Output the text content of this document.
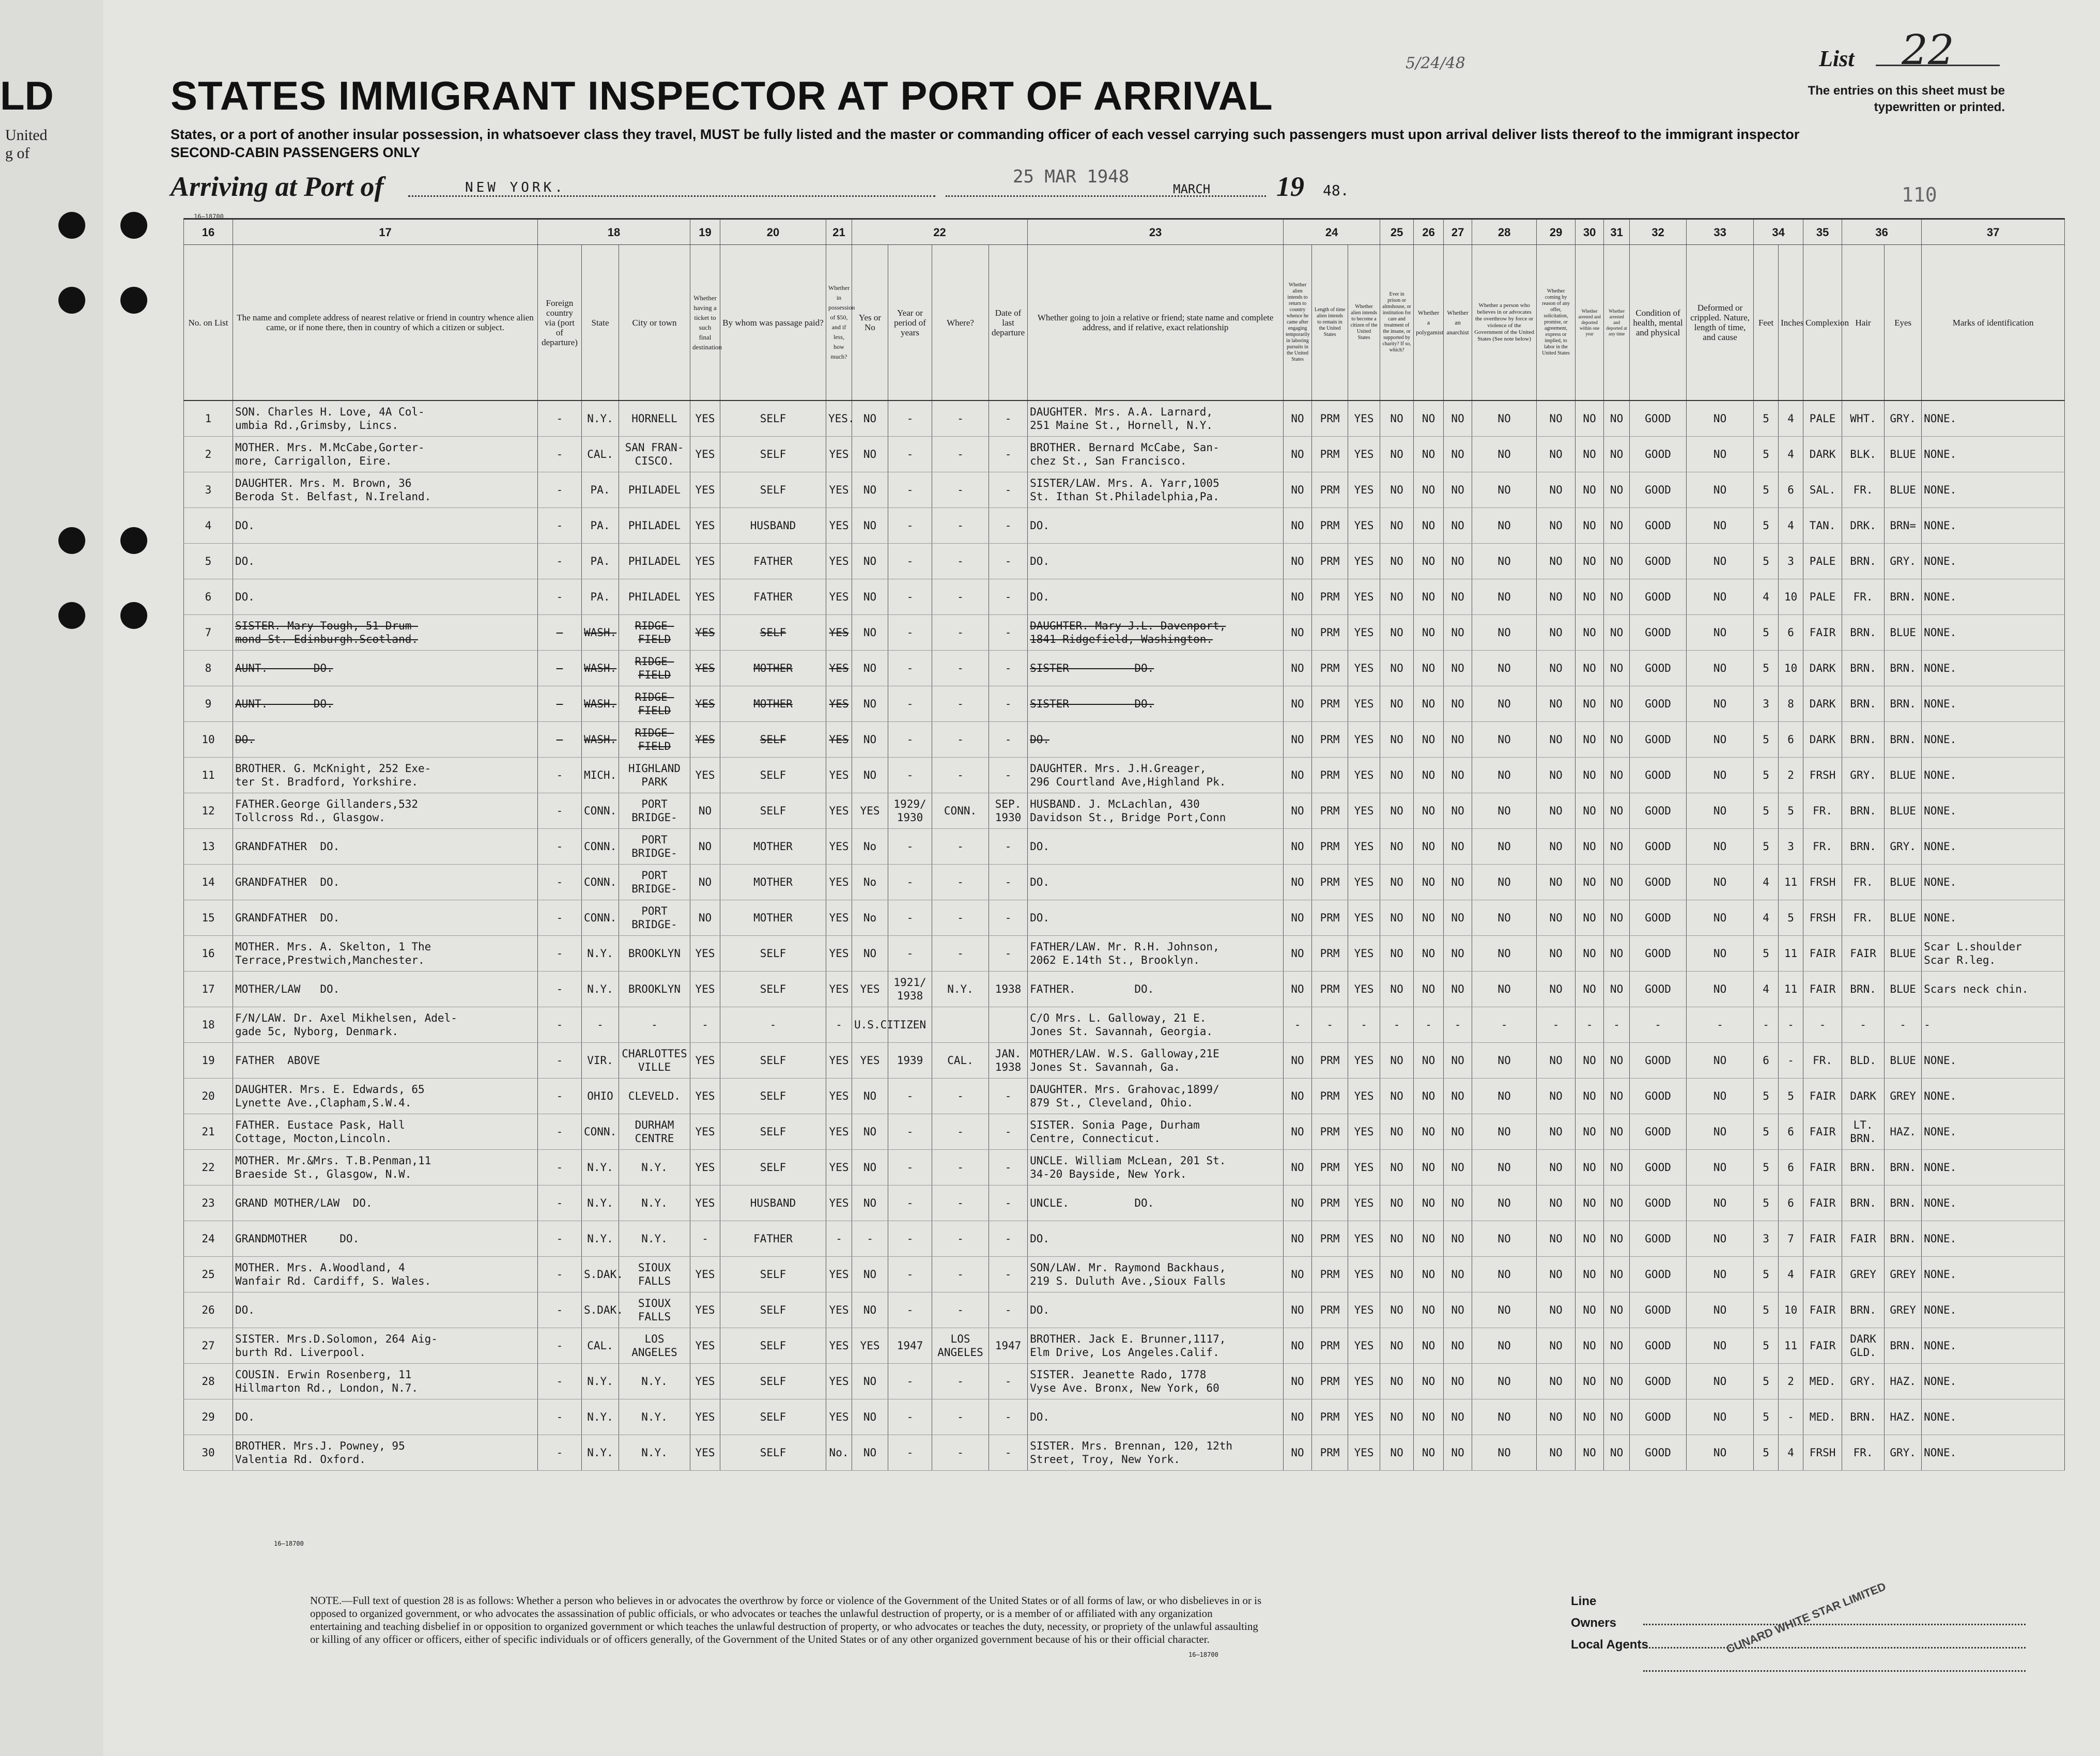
LD
United
g of
STATES IMMIGRANT INSPECTOR AT PORT OF ARRIVAL
States, or a port of another insular possession, in whatsoever class they travel, MUST be fully listed and the master or commanding officer of each vessel carrying such passengers must upon arrival deliver lists thereof to the immigrant inspector
SECOND-CABIN PASSENGERS ONLY
Arriving at Port of	NEW YORK.
25 MAR 1948
MARCH 19 48.
List 22
The entries on this sheet must be typewritten or printed.
5/24/48
110
16—18700
16	17	18			19	20	21	22				23	24			25	26	27	28	29	30	31	32	33	34		35	36		37
No. on List	The name and complete address of nearest relative or friend in country whence alien came, or if none there, then in country of which a citizen or subject.	Foreign country via (port of departure)	State	City or town	Whether having a ticket to such final destination	By whom was passage paid?	Whether in possession of $50, and if less, how much?	Yes or No	Year or period of years	Where?	Date of last departure	Whether going to join a relative or friend; state name and complete address, and if relative, exact relationship	Whether alien intends to return to country whence he came after engaging temporarily in laboring pursuits in the United States	Length of time alien intends to remain in the United States	Whether alien intends to become a citizen of the United States	Ever in prison or almshouse, or institution for care and treatment of the insane, or supported by charity? If so, which?	Whether a polygamist	Whether an anarchist	Whether a person who believes in or advocates the overthrow by force or violence of the Government of the United States (See note below)	Whether coming by reason of any offer, solicitation, promise, or agreement, express or implied, to labor in the United States	Whether arrested and deported within one year	Whether arrested and deported at any time	Condition of health, mental and physical	Deformed or crippled. Nature, length of time, and cause	Feet	Inches	Complexion	Hair	Eyes	Marks of identification
1	SON. Charles H. Love, 4A Col-
umbia Rd.,Grimsby, Lincs.	-	N.Y.	HORNELL	YES	SELF	YES.	NO	-	-	-	DAUGHTER. Mrs. A.A. Larnard,
251 Maine St., Hornell, N.Y.	NO	PRM	YES	NO	NO	NO	NO	NO	NO	NO	GOOD	NO	5	4	PALE	WHT.	GRY.	NONE.
2	MOTHER. Mrs. M.McCabe,Gorter-
more, Carrigallon, Eire.	-	CAL.	SAN FRAN-
CISCO.	YES	SELF	YES	NO	-	-	-	BROTHER. Bernard McCabe, San-
chez St., San Francisco.	NO	PRM	YES	NO	NO	NO	NO	NO	NO	NO	GOOD	NO	5	4	DARK	BLK.	BLUE	NONE.
3	DAUGHTER. Mrs. M. Brown, 36
Beroda St. Belfast, N.Ireland.	-	PA.	PHILADEL	YES	SELF	YES	NO	-	-	-	SISTER/LAW. Mrs. A. Yarr,1005
St. Ithan St.Philadelphia,Pa.	NO	PRM	YES	NO	NO	NO	NO	NO	NO	NO	GOOD	NO	5	6	SAL.	FR.	BLUE	NONE.
4	DO.	-	PA.	PHILADEL	YES	HUSBAND	YES	NO	-	-	-	DO.	NO	PRM	YES	NO	NO	NO	NO	NO	NO	NO	GOOD	NO	5	4	TAN.	DRK.	BRN=	NONE.
5	DO.	-	PA.	PHILADEL	YES	FATHER	YES	NO	-	-	-	DO.	NO	PRM	YES	NO	NO	NO	NO	NO	NO	NO	GOOD	NO	5	3	PALE	BRN.	GRY.	NONE.
6	DO.	-	PA.	PHILADEL	YES	FATHER	YES	NO	-	-	-	DO.	NO	PRM	YES	NO	NO	NO	NO	NO	NO	NO	GOOD	NO	4	10	PALE	FR.	BRN.	NONE.
7	SISTER. Mary Tough, 51 Drum-
mond St. Edinburgh.Scotland.	-	WASH.	RIDGE-
FIELD	YES	SELF	YES	NO	-	-	-	DAUGHTER. Mary J.L. Davenport,
1841 Ridgefield, Washington.	NO	PRM	YES	NO	NO	NO	NO	NO	NO	NO	GOOD	NO	5	6	FAIR	BRN.	BLUE	NONE.
8	AUNT.       DO.	-	WASH.	RIDGE-
FIELD	YES	MOTHER	YES	NO	-	-	-	SISTER          DO.	NO	PRM	YES	NO	NO	NO	NO	NO	NO	NO	GOOD	NO	5	10	DARK	BRN.	BRN.	NONE.
9	AUNT.       DO.	-	WASH.	RIDGE-
FIELD	YES	MOTHER	YES	NO	-	-	-	SISTER          DO.	NO	PRM	YES	NO	NO	NO	NO	NO	NO	NO	GOOD	NO	3	8	DARK	BRN.	BRN.	NONE.
10	DO.	-	WASH.	RIDGE-
FIELD	YES	SELF	YES	NO	-	-	-	DO.	NO	PRM	YES	NO	NO	NO	NO	NO	NO	NO	GOOD	NO	5	6	DARK	BRN.	BRN.	NONE.
11	BROTHER. G. McKnight, 252 Exe-
ter St. Bradford, Yorkshire.	-	MICH.	HIGHLAND
PARK	YES	SELF	YES	NO	-	-	-	DAUGHTER. Mrs. J.H.Greager,
296 Courtland Ave,Highland Pk.	NO	PRM	YES	NO	NO	NO	NO	NO	NO	NO	GOOD	NO	5	2	FRSH	GRY.	BLUE	NONE.
12	FATHER.George Gillanders,532
Tollcross Rd., Glasgow.	-	CONN.	PORT
BRIDGE-	NO	SELF	YES	YES	1929/
1930	CONN.	SEP.
1930	HUSBAND. J. McLachlan, 430
Davidson St., Bridge Port,Conn	NO	PRM	YES	NO	NO	NO	NO	NO	NO	NO	GOOD	NO	5	5	FR.	BRN.	BLUE	NONE.
13	GRANDFATHER  DO.	-	CONN.	PORT
BRIDGE-	NO	MOTHER	YES	No	-	-	-	DO.	NO	PRM	YES	NO	NO	NO	NO	NO	NO	NO	GOOD	NO	5	3	FR.	BRN.	GRY.	NONE.
14	GRANDFATHER  DO.	-	CONN.	PORT
BRIDGE-	NO	MOTHER	YES	No	-	-	-	DO.	NO	PRM	YES	NO	NO	NO	NO	NO	NO	NO	GOOD	NO	4	11	FRSH	FR.	BLUE	NONE.
15	GRANDFATHER  DO.	-	CONN.	PORT
BRIDGE-	NO	MOTHER	YES	No	-	-	-	DO.	NO	PRM	YES	NO	NO	NO	NO	NO	NO	NO	GOOD	NO	4	5	FRSH	FR.	BLUE	NONE.
16	MOTHER. Mrs. A. Skelton, 1 The
Terrace,Prestwich,Manchester.	-	N.Y.	BROOKLYN	YES	SELF	YES	NO	-	-	-	FATHER/LAW. Mr. R.H. Johnson,
2062 E.14th St., Brooklyn.	NO	PRM	YES	NO	NO	NO	NO	NO	NO	NO	GOOD	NO	5	11	FAIR	FAIR	BLUE	Scar L.shoulder
Scar R.leg.
17	MOTHER/LAW   DO.	-	N.Y.	BROOKLYN	YES	SELF	YES	YES	1921/
1938	N.Y.	1938	FATHER.         DO.	NO	PRM	YES	NO	NO	NO	NO	NO	NO	NO	GOOD	NO	4	11	FAIR	BRN.	BLUE	Scars neck chin.
18	F/N/LAW. Dr. Axel Mikhelsen, Adel-
gade 5c, Nyborg, Denmark.	-	-	-	-	-	-	U.S.CITIZEN				C/O Mrs. L. Galloway, 21 E.
Jones St. Savannah, Georgia.	-	-	-	-	-	-	-	-	-	-	-	-	-	-	-	-	-	-
19	FATHER  ABOVE	-	VIR.	CHARLOTTES
VILLE	YES	SELF	YES	YES	1939	CAL.	JAN.
1938	MOTHER/LAW. W.S. Galloway,21E
Jones St. Savannah, Ga.	NO	PRM	YES	NO	NO	NO	NO	NO	NO	NO	GOOD	NO	6	-	FR.	BLD.	BLUE	NONE.
20	DAUGHTER. Mrs. E. Edwards, 65
Lynette Ave.,Clapham,S.W.4.	-	OHIO	CLEVELD.	YES	SELF	YES	NO	-	-	-	DAUGHTER. Mrs. Grahovac,1899/
879 St., Cleveland, Ohio.	NO	PRM	YES	NO	NO	NO	NO	NO	NO	NO	GOOD	NO	5	5	FAIR	DARK	GREY	NONE.
21	FATHER. Eustace Pask, Hall
Cottage, Mocton,Lincoln.	-	CONN.	DURHAM
CENTRE	YES	SELF	YES	NO	-	-	-	SISTER. Sonia Page, Durham
Centre, Connecticut.	NO	PRM	YES	NO	NO	NO	NO	NO	NO	NO	GOOD	NO	5	6	FAIR	LT.
BRN.	HAZ.	NONE.
22	MOTHER. Mr.&Mrs. T.B.Penman,11
Braeside St., Glasgow, N.W.	-	N.Y.	N.Y.	YES	SELF	YES	NO	-	-	-	UNCLE. William McLean, 201 St.
34-20 Bayside, New York.	NO	PRM	YES	NO	NO	NO	NO	NO	NO	NO	GOOD	NO	5	6	FAIR	BRN.	BRN.	NONE.
23	GRAND MOTHER/LAW  DO.	-	N.Y.	N.Y.	YES	HUSBAND	YES	NO	-	-	-	UNCLE.          DO.	NO	PRM	YES	NO	NO	NO	NO	NO	NO	NO	GOOD	NO	5	6	FAIR	BRN.	BRN.	NONE.
24	GRANDMOTHER     DO.	-	N.Y.	N.Y.	-	FATHER	-	-	-	-	-	DO.	NO	PRM	YES	NO	NO	NO	NO	NO	NO	NO	GOOD	NO	3	7	FAIR	FAIR	BRN.	NONE.
25	MOTHER. Mrs. A.Woodland, 4
Wanfair Rd. Cardiff, S. Wales.	-	S.DAK.	SIOUX
FALLS	YES	SELF	YES	NO	-	-	-	SON/LAW. Mr. Raymond Backhaus,
219 S. Duluth Ave.,Sioux Falls	NO	PRM	YES	NO	NO	NO	NO	NO	NO	NO	GOOD	NO	5	4	FAIR	GREY	GREY	NONE.
26	DO.	-	S.DAK.	SIOUX
FALLS	YES	SELF	YES	NO	-	-	-	DO.	NO	PRM	YES	NO	NO	NO	NO	NO	NO	NO	GOOD	NO	5	10	FAIR	BRN.	GREY	NONE.
27	SISTER. Mrs.D.Solomon, 264 Aig-
burth Rd. Liverpool.	-	CAL.	LOS
ANGELES	YES	SELF	YES	YES	1947	LOS
ANGELES	1947	BROTHER. Jack E. Brunner,1117,
Elm Drive, Los Angeles.Calif.	NO	PRM	YES	NO	NO	NO	NO	NO	NO	NO	GOOD	NO	5	11	FAIR	DARK
GLD.	BRN.	NONE.
28	COUSIN. Erwin Rosenberg, 11
Hillmarton Rd., London, N.7.	-	N.Y.	N.Y.	YES	SELF	YES	NO	-	-	-	SISTER. Jeanette Rado, 1778
Vyse Ave. Bronx, New York, 60	NO	PRM	YES	NO	NO	NO	NO	NO	NO	NO	GOOD	NO	5	2	MED.	GRY.	HAZ.	NONE.
29	DO.	-	N.Y.	N.Y.	YES	SELF	YES	NO	-	-	-	DO.	NO	PRM	YES	NO	NO	NO	NO	NO	NO	NO	GOOD	NO	5	-	MED.	BRN.	HAZ.	NONE.
30	BROTHER. Mrs.J. Powney, 95
Valentia Rd. Oxford.	-	N.Y.	N.Y.	YES	SELF	No.	NO	-	-	-	SISTER. Mrs. Brennan, 120, 12th
Street, Troy, New York.	NO	PRM	YES	NO	NO	NO	NO	NO	NO	NO	GOOD	NO	5	4	FRSH	FR.	GRY.	NONE.
16—18700
NOTE.—Full text of question 28 is as follows: Whether a person who believes in or advocates the overthrow by force or violence of the Government of the United States or of all forms of law, or who disbelieves in or is opposed to organized government, or who advocates the assassination of public officials, or who advocates or teaches the unlawful destruction of property, or is a member of or affiliated with any organization entertaining and teaching disbelief in or opposition to organized government or which teaches the unlawful destruction of property, or who advocates or teaches the duty, necessity, or propriety of the unlawful assaulting or killing of any officer or officers, either of specific individuals or of officers generally, of the Government of the United States or of any other organized government because of his or their official character.
16—18700
Line
Owners
Local Agents	CUNARD WHITE STAR LIMITED
